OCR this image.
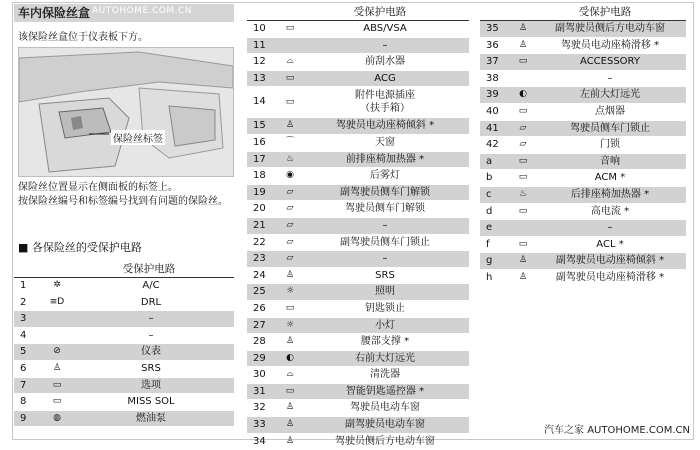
车内保险丝盒
该保险丝盒位于仪表板下方。
保险丝标签
保险丝位置显示在侧面板的标签上。
按保险丝编号和标签编号找到有问题的保险丝。
■ 各保险丝的受保护电路
受保护电路
1	✲	A/C
2	≡D	DRL
3	–
4	–
5	⊘	仪表
6	♙	SRS
7	▭	选项
8	▭	MISS SOL
9	◍	燃油泵
受保护电路
10	▭	ABS/VSA
11	–
12	⌓	前刮水器
13	▭	ACG
14	▭
附件电源插座
（扶手箱）
15	♙	驾驶员电动座椅倾斜 *
16	⌒	天窗
17	♨	前排座椅加热器 *
18	◉	后雾灯
19	▱	副驾驶员侧车门解锁
20	▱	驾驶员侧车门解锁
21	▱	–
22	▱	副驾驶员侧车门锁止
23	▱	–
24	♙	SRS
25	☼	照明
26	▭	钥匙锁止
27	☼	小灯
28	♙	腰部支撑 *
29	◐	右前大灯远光
30	⌓	清洗器
31	▭	智能钥匙遥控器 *
32	♙	驾驶员电动车窗
33	♙	副驾驶员电动车窗
34	♙	驾驶员侧后方电动车窗
受保护电路
35	♙	副驾驶员侧后方电动车窗
36	♙	驾驶员电动座椅滑移 *
37	▭	ACCESSORY
38	–
39	◐	左前大灯远光
40	▭	点烟器
41	▱	驾驶员侧车门锁止
42	▱	门锁
a	▭	音响
b	▭	ACM *
c	♨	后排座椅加热器 *
d	▭	高电流 *
e	–
f	▭	ACL *
g	♙	副驾驶员电动座椅倾斜 *
h	♙	副驾驶员电动座椅滑移 *
AUTOHOME.COM.CN
汽车之家 AUTOHOME.COM.CN
